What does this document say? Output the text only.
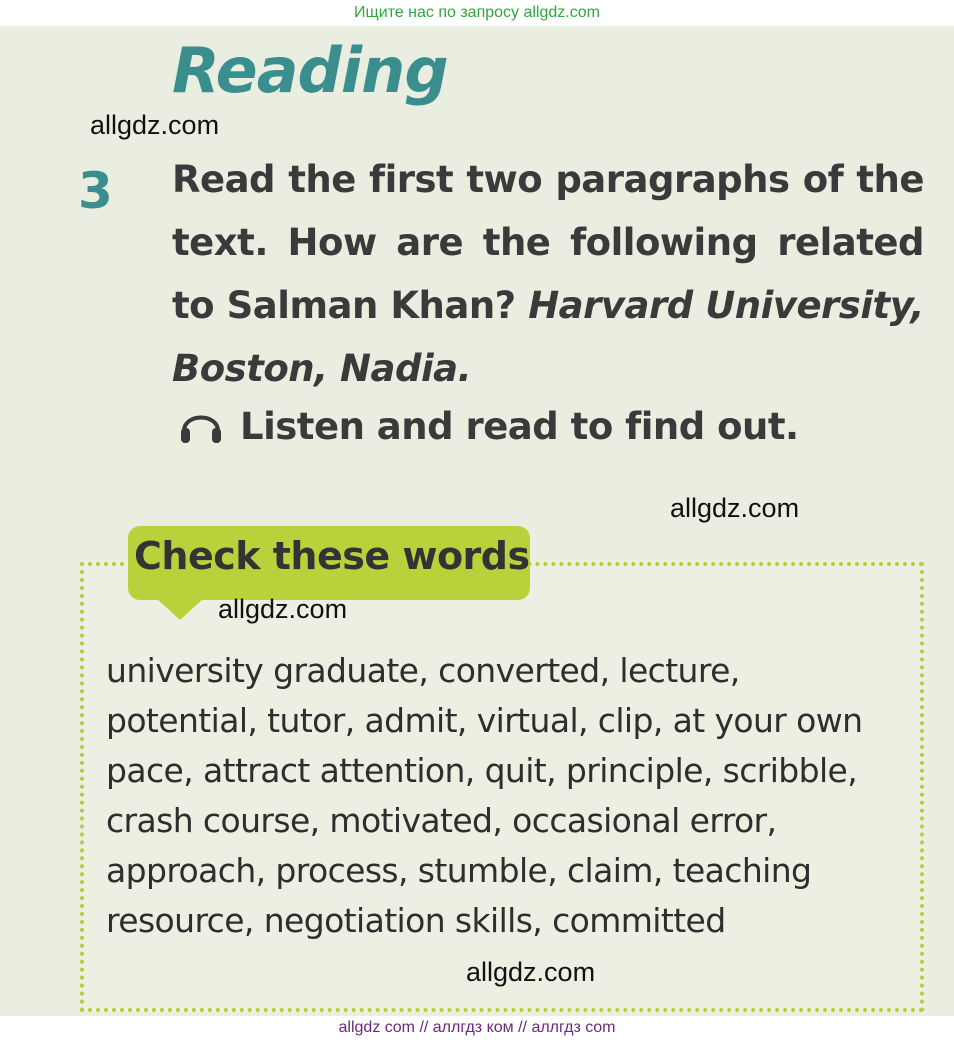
Ищите нас по запросу allgdz.com
Reading
3 Read the first two paragraphs of the text. How are the following related to Salman Khan? Harvard University, Boston, Nadia.
Listen and read to find out.
Check these words
university graduate, converted, lecture, potential, tutor, admit, virtual, clip, at your own pace, attract attention, quit, principle, scribble, crash course, motivated, occasional error, approach, process, stumble, claim, teaching resource, negotiation skills, committed
allgdz.com
allgdz.com
allgdz.com
allgdz.com
allgdz com // аллгдз ком // аллгдз com
